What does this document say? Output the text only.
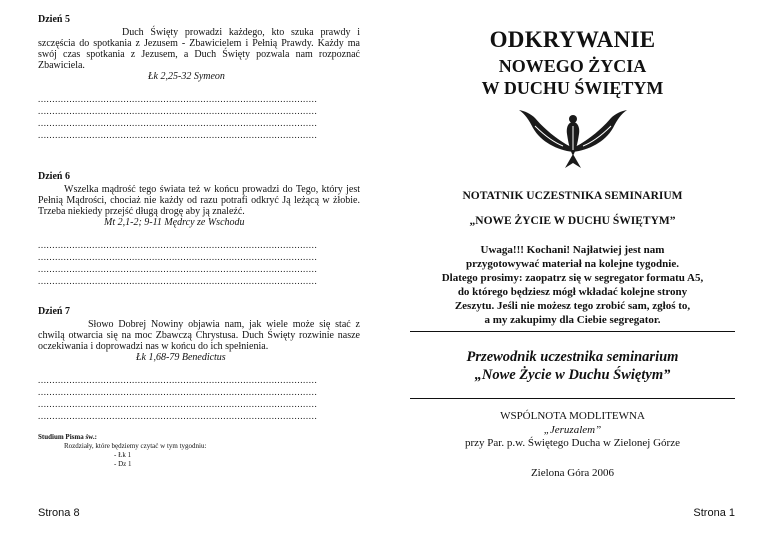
Dzień 5
Duch Święty prowadzi każdego, kto szuka prawdy i szczęścia do spotkania z Jezusem - Zbawicielem i Pełnią Prawdy. Każdy ma swój czas spotkania z Jezusem, a Duch Święty pozwala nam rozpoznać Zbawiciela.
Łk 2,25-32 Symeon
..................................................................................................
..................................................................................................
..................................................................................................
..................................................................................................
Dzień 6
Wszelka mądrość tego świata też w końcu prowadzi do Tego, który jest Pełnią Mądrości, chociaż nie każdy od razu potrafi odkryć Ją leżącą w żłobie. Trzeba niekiedy przejść długą drogę aby ją znaleźć.
Mt 2,1-2; 9-11 Mędrcy ze Wschodu
..................................................................................................
..................................................................................................
..................................................................................................
..................................................................................................
Dzień 7
Słowo Dobrej Nowiny objawia nam, jak wiele może się stać z chwilą otwarcia się na moc Zbawczą Chrystusa. Duch Święty rozwinie nasze oczekiwania i doprowadzi nas w końcu do ich spełnienia.
Łk 1,68-79 Benedictus
..................................................................................................
..................................................................................................
..................................................................................................
..................................................................................................
Studium Pisma św.:
Rozdziały, które będziemy czytać w tym tygodniu:
- Łk 1
- Dz 1
Strona 8
ODKRYWANIE
NOWEGO ŻYCIA
W DUCHU ŚWIĘTYM
NOTATNIK UCZESTNIKA SEMINARIUM
„NOWE ŻYCIE W DUCHU ŚWIĘTYM”
Uwaga!!! Kochani! Najłatwiej jest nam
przygotowywać materiał na kolejne tygodnie.
Dlatego prosimy: zaopatrz się w segregator formatu A5,
do którego będziesz mógł wkładać kolejne strony
Zeszytu. Jeśli nie możesz tego zrobić sam, zgłoś to,
a my zakupimy dla Ciebie segregator.
Przewodnik uczestnika seminarium
„Nowe Życie w Duchu Świętym”
WSPÓLNOTA MODLITEWNA
„Jeruzalem”
przy Par. p.w. Świętego Ducha w Zielonej Górze
Zielona Góra 2006
Strona 1
